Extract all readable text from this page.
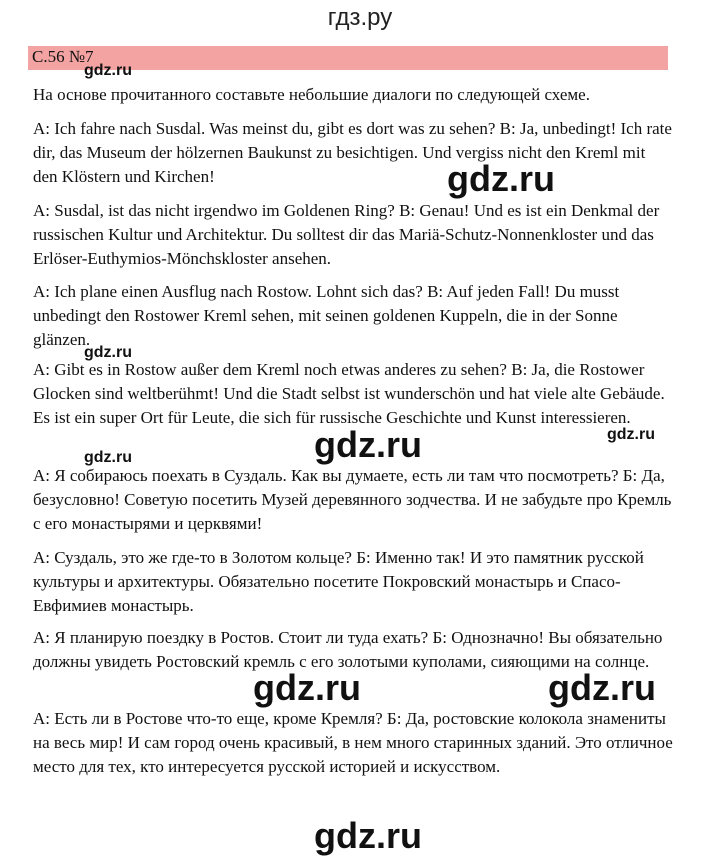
гдз.ру
С.56 №7

На основе прочитанного составьте небольшие диалоги по следующей схеме.

A: Ich fahre nach Susdal. Was meinst du, gibt es dort was zu sehen? B: Ja, unbedingt! Ich rate dir, das Museum der hölzernen Baukunst zu besichtigen. Und vergiss nicht den Kreml mit den Klöstern und Kirchen!

A: Susdal, ist das nicht irgendwo im Goldenen Ring? B: Genau! Und es ist ein Denkmal der russischen Kultur und Architektur. Du solltest dir das Mariä-Schutz-Nonnenkloster und das Erlöser-Euthymios-Mönchskloster ansehen.

A: Ich plane einen Ausflug nach Rostow. Lohnt sich das? B: Auf jeden Fall! Du musst unbedingt den Rostower Kreml sehen, mit seinen goldenen Kuppeln, die in der Sonne glänzen.

A: Gibt es in Rostow außer dem Kreml noch etwas anderes zu sehen? B: Ja, die Rostower Glocken sind weltberühmt! Und die Stadt selbst ist wunderschön und hat viele alte Gebäude. Es ist ein super Ort für Leute, die sich für russische Geschichte und Kunst interessieren.

А: Я собираюсь поехать в Суздаль. Как вы думаете, есть ли там что посмотреть? Б: Да, безусловно! Советую посетить Музей деревянного зодчества. И не забудьте про Кремль с его монастырями и церквями!

А: Суздаль, это же где-то в Золотом кольце? Б: Именно так! И это памятник русской культуры и архитектуры. Обязательно посетите Покровский монастырь и Спасо-Евфимиев монастырь.

А: Я планирую поездку в Ростов. Стоит ли туда ехать? Б: Однозначно! Вы обязательно должны увидеть Ростовский кремль с его золотыми куполами, сияющими на солнце.

А: Есть ли в Ростове что-то еще, кроме Кремля? Б: Да, ростовские колокола знамениты на весь мир! И сам город очень красивый, в нем много старинных зданий. Это отличное место для тех, кто интересуется русской историей и искусством.

gdz.ru
gdz.ru
gdz.ru
gdz.ru	gdz.ru
gdz.ru
gdz.ru	gdz.ru
gdz.ru
